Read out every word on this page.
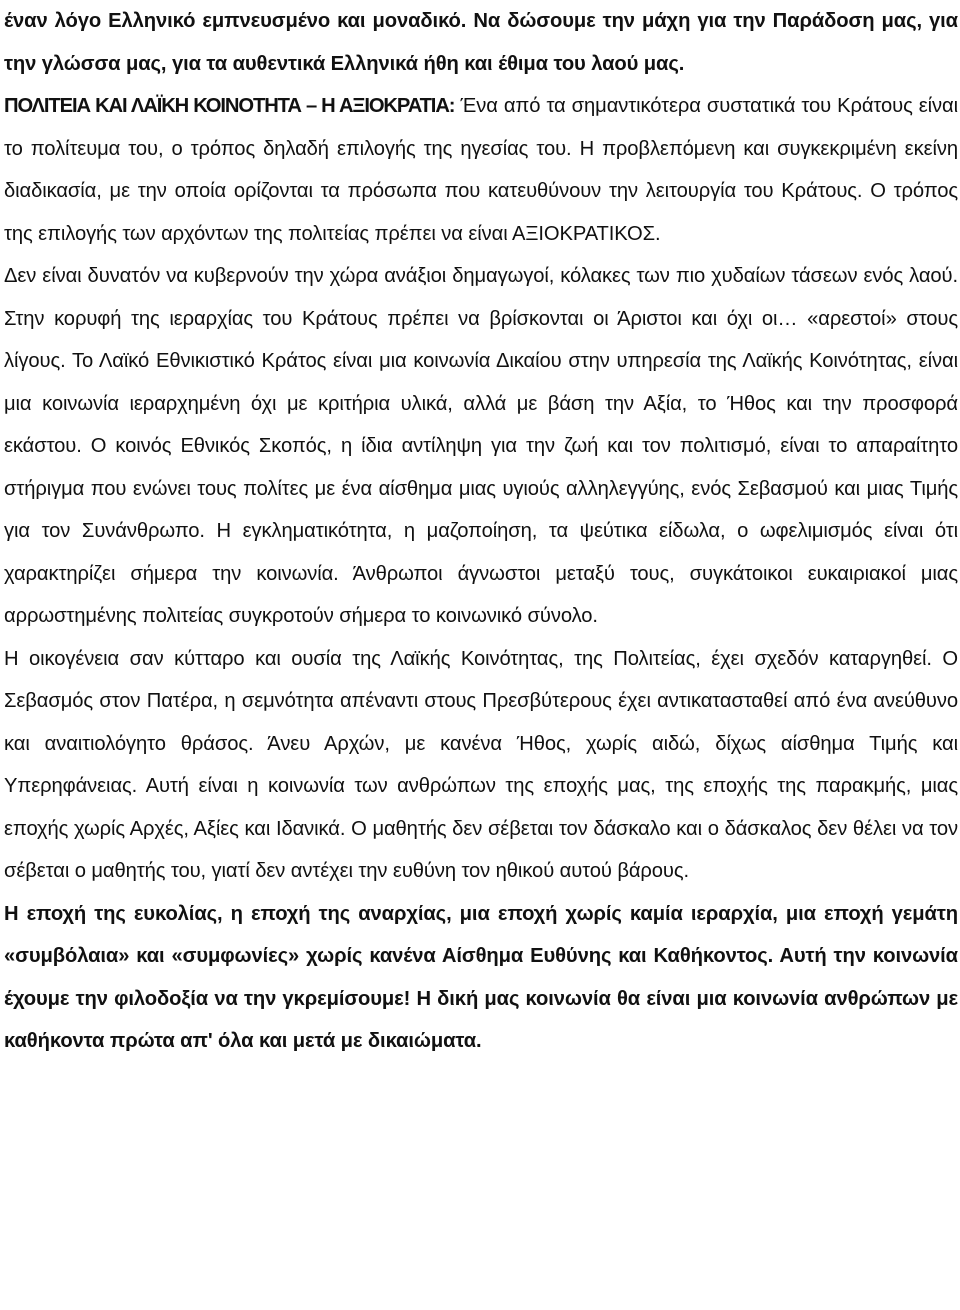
έναν λόγο Ελληνικό εμπνευσμένο και μοναδικό. Να δώσουμε την μάχη για την Παράδοση μας, για την γλώσσα μας, για τα αυθεντικά Ελληνικά ήθη και έθιμα του λαού μας.

ΠΟΛΙΤΕΙΑ ΚΑΙ ΛΑΪΚΗ ΚΟΙΝΟΤΗΤΑ – Η ΑΞΙΟΚΡΑΤΙΑ: Ένα από τα σημαντικότερα συστατικά του Κράτους είναι το πολίτευμα του, ο τρόπος δηλαδή επιλογής της ηγεσίας του. Η προβλεπόμενη και συγκεκριμένη εκείνη διαδικασία, με την οποία ορίζονται τα πρόσωπα που κατευθύνουν την λειτουργία του Κράτους. Ο τρόπος της επιλογής των αρχόντων της πολιτείας πρέπει να είναι ΑΞΙΟΚΡΑΤΙΚΟΣ.

Δεν είναι δυνατόν να κυβερνούν την χώρα ανάξιοι δημαγωγοί, κόλακες των πιο χυδαίων τάσεων ενός λαού. Στην κορυφή της ιεραρχίας του Κράτους πρέπει να βρίσκονται οι Άριστοι και όχι οι… «αρεστοί» στους λίγους. Το Λαϊκό Εθνικιστικό Κράτος είναι μια κοινωνία Δικαίου στην υπηρεσία της Λαϊκής Κοινότητας, είναι μια κοινωνία ιεραρχημένη όχι με κριτήρια υλικά, αλλά με βάση την Αξία, το Ήθος και την προσφορά εκάστου. Ο κοινός Εθνικός Σκοπός, η ίδια αντίληψη για την ζωή και τον πολιτισμό, είναι το απαραίτητο στήριγμα που ενώνει τους πολίτες με ένα αίσθημα μιας υγιούς αλληλεγγύης, ενός Σεβασμού και μιας Τιμής για τον Συνάνθρωπο. Η εγκληματικότητα, η μαζοποίηση, τα ψεύτικα είδωλα, ο ωφελιμισμός είναι ότι χαρακτηρίζει σήμερα την κοινωνία. Άνθρωποι άγνωστοι μεταξύ τους, συγκάτοικοι ευκαιριακοί μιας αρρωστημένης πολιτείας συγκροτούν σήμερα το κοινωνικό σύνολο.

Η οικογένεια σαν κύτταρο και ουσία της Λαϊκής Κοινότητας, της Πολιτείας, έχει σχεδόν καταργηθεί. Ο Σεβασμός στον Πατέρα, η σεμνότητα απέναντι στους Πρεσβύτερους έχει αντικατασταθεί από ένα ανεύθυνο και αναιτιολόγητο θράσος. Άνευ Αρχών, με κανένα Ήθος, χωρίς αιδώ, δίχως αίσθημα Τιμής και Υπερηφάνειας. Αυτή είναι η κοινωνία των ανθρώπων της εποχής μας, της εποχής της παρακμής, μιας εποχής χωρίς Αρχές, Αξίες και Ιδανικά. Ο μαθητής δεν σέβεται τον δάσκαλο και ο δάσκαλος δεν θέλει να τον σέβεται ο μαθητής του, γιατί δεν αντέχει την ευθύνη τον ηθικού αυτού βάρους.

Η εποχή της ευκολίας, η εποχή της αναρχίας, μια εποχή χωρίς καμία ιεραρχία, μια εποχή γεμάτη «συμβόλαια» και «συμφωνίες» χωρίς κανένα Αίσθημα Ευθύνης και Καθήκοντος. Αυτή την κοινωνία έχουμε την φιλοδοξία να την γκρεμίσουμε! Η δική μας κοινωνία θα είναι μια κοινωνία ανθρώπων με καθήκοντα πρώτα απ' όλα και μετά με δικαιώματα.
